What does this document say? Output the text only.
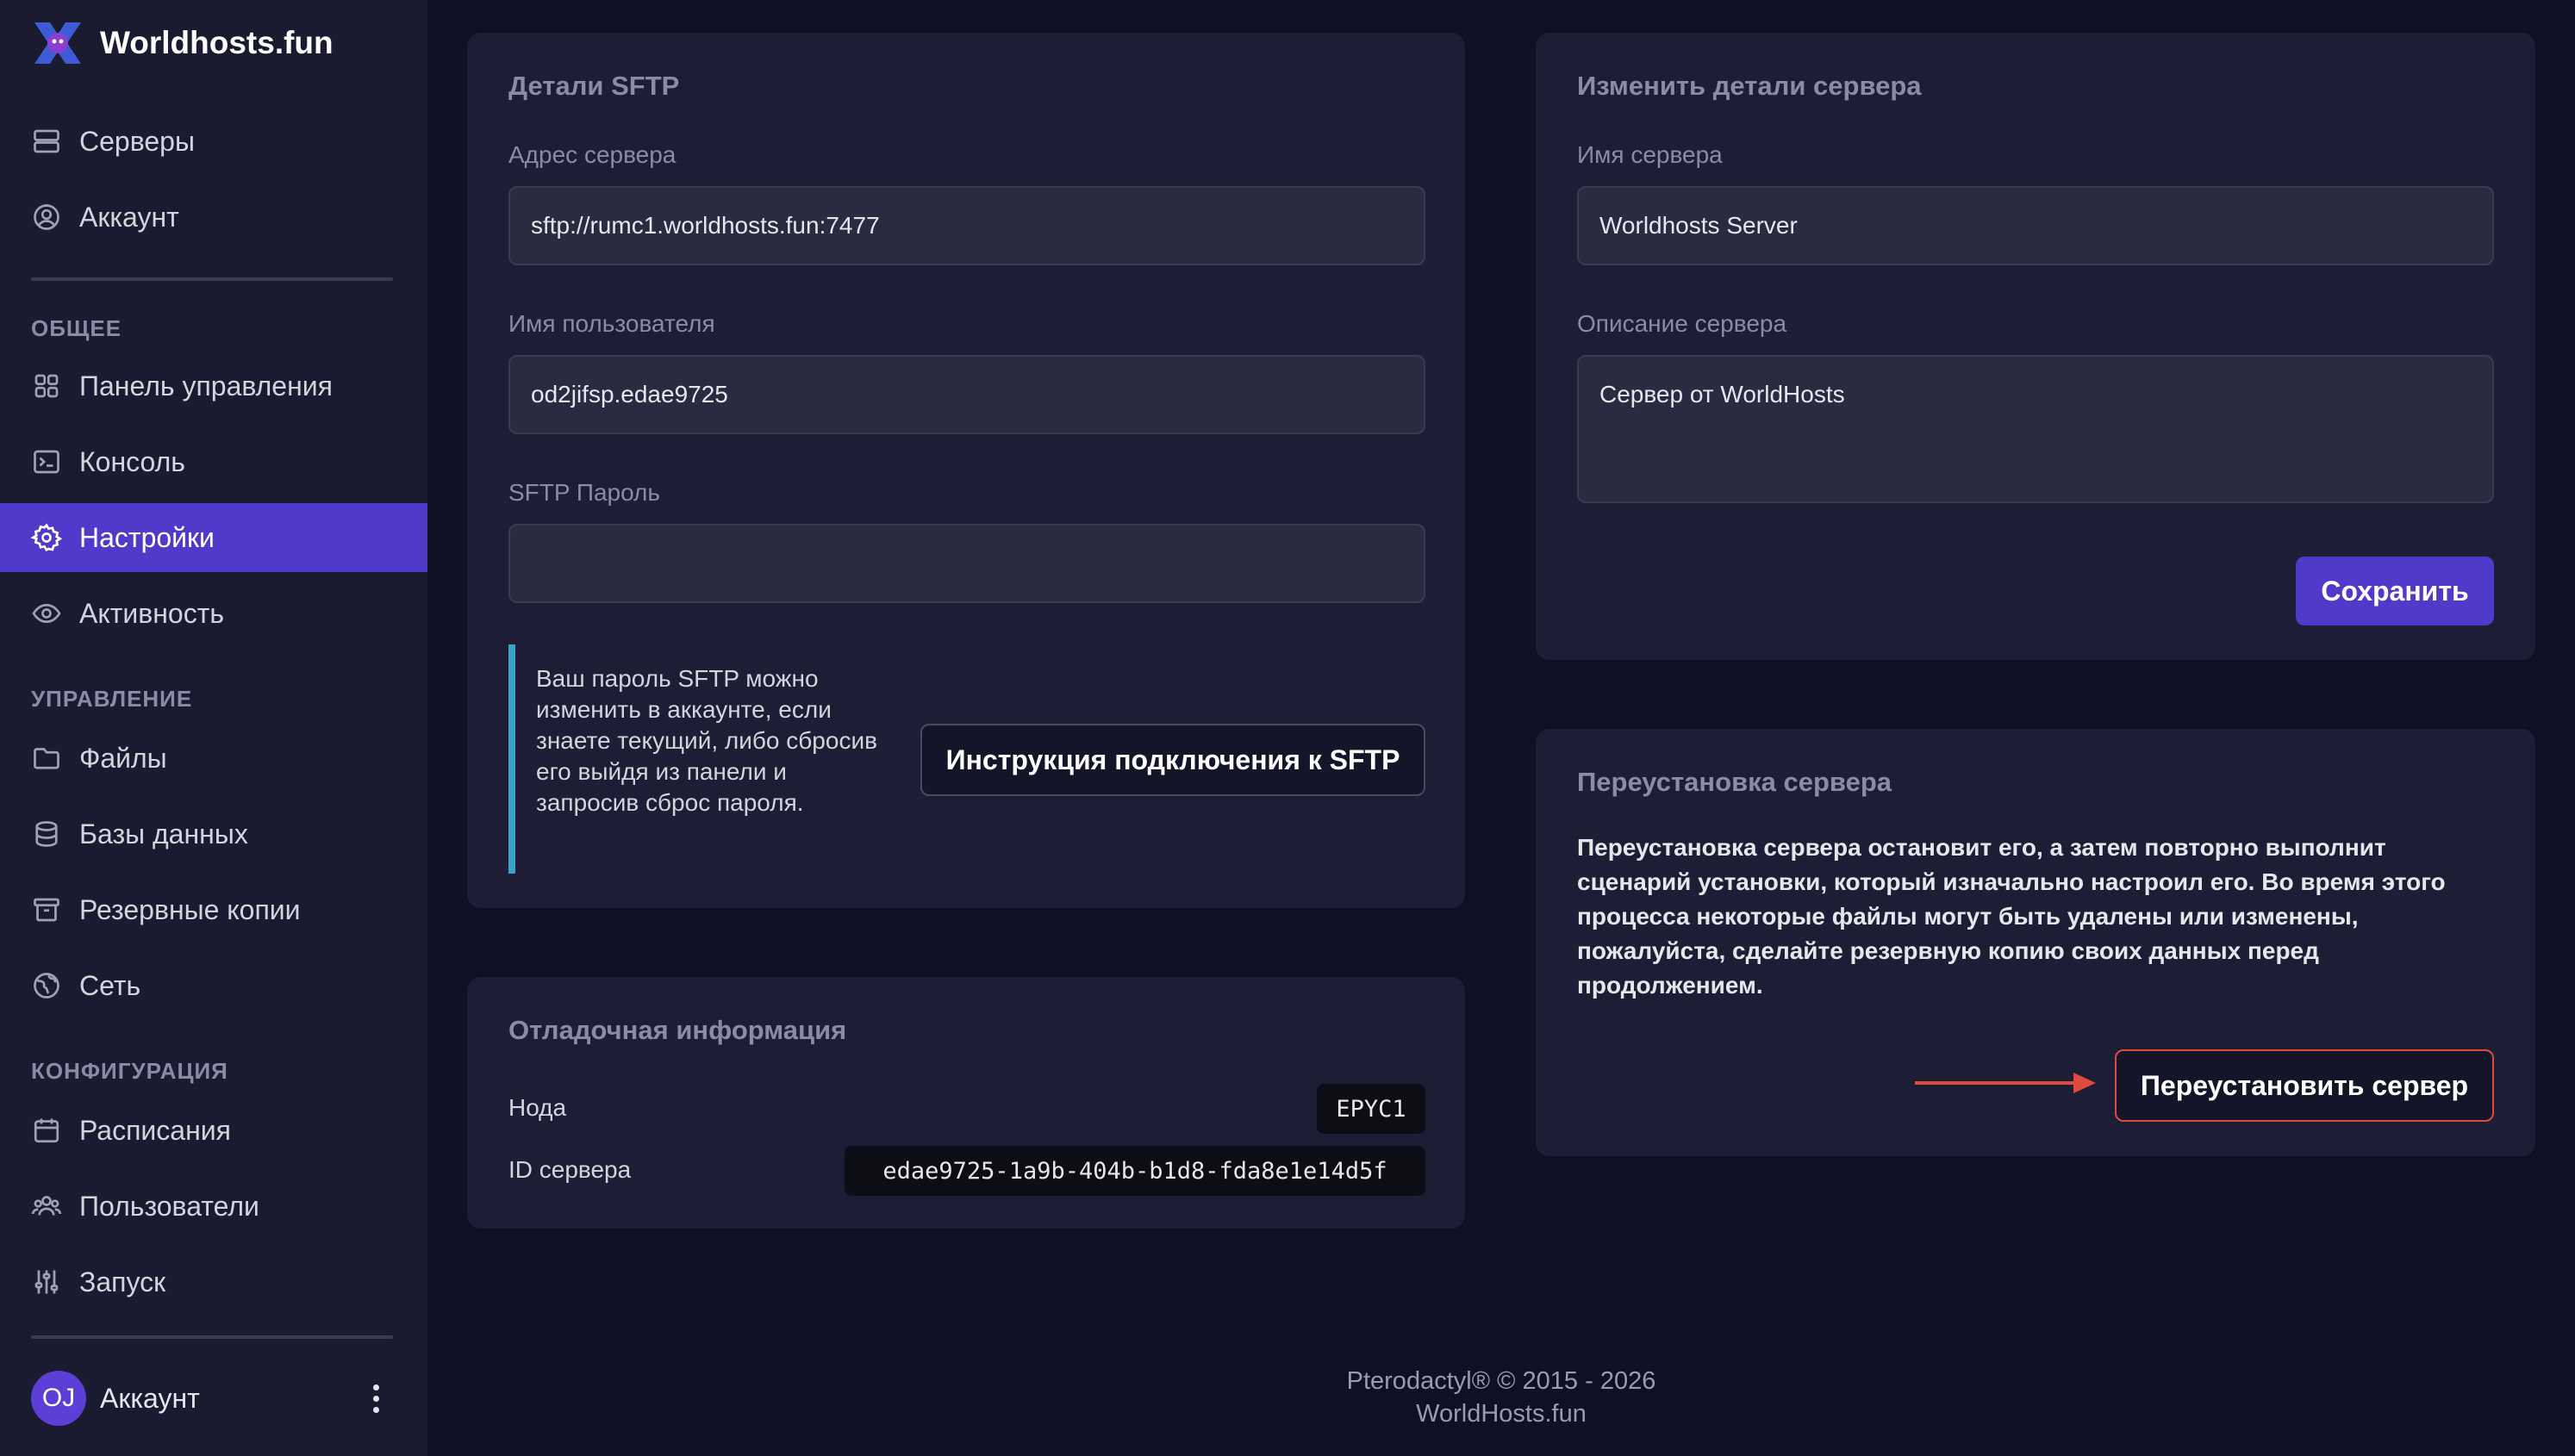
Worldhosts.fun
Серверы
Аккаунт
ОБЩЕЕ
Панель управления
Консоль
Настройки
Активность
УПРАВЛЕНИЕ
Файлы
Базы данных
Резервные копии
Сеть
КОНФИГУРАЦИЯ
Расписания
Пользователи
Запуск
OJ Аккаунт
Детали SFTP
Адрес сервера
sftp://rumc1.worldhosts.fun:7477
Имя пользователя
od2jifsp.edae9725
SFTP Пароль
Ваш пароль SFTP можно изменить в аккаунте, если знаете текущий, либо сбросив его выйдя из панели и запросив сброс пароля.
Инструкция подключения к SFTP
Отладочная информация
Нода	EPYC1
ID сервера	edae9725-1a9b-404b-b1d8-fda8e1e14d5f
Изменить детали сервера
Имя сервера
Worldhosts Server
Описание сервера
Сервер от WorldHosts
Сохранить
Переустановка сервера
Переустановка сервера остановит его, а затем повторно выполнит сценарий установки, который изначально настроил его. Во время этого процесса некоторые файлы могут быть удалены или изменены, пожалуйста, сделайте резервную копию своих данных перед продолжением.
Переустановить сервер
Pterodactyl® © 2015 - 2026
WorldHosts.fun
